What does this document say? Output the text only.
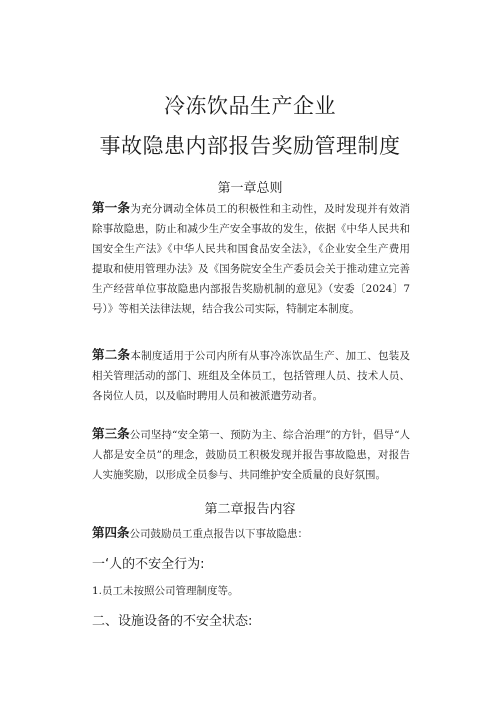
冷冻饮品生产企业
事故隐患内部报告奖励管理制度
第一章总则
第一条为充分调动全体员工的积极性和主动性，及时发现并有效消除事故隐患，防止和减少生产安全事故的发生，依据《中华人民共和国安全生产法》《中华人民共和国食品安全法》，《企业安全生产费用提取和使用管理办法》及《国务院安全生产委员会关于推动建立完善生产经营单位事故隐患内部报告奖励机制的意见》（安委〔2024〕7号）》等相关法律法规，结合我公司实际，特制定本制度。
第二条本制度适用于公司内所有从事冷冻饮品生产、加工、包装及相关管理活动的部门、班组及全体员工，包括管理人员、技术人员、各岗位人员，以及临时聘用人员和被派遣劳动者。
第三条公司坚持“安全第一、预防为主、综合治理”的方针，倡导“人人都是安全员”的理念，鼓励员工积极发现并报告事故隐患，对报告人实施奖励，以形成全员参与、共同维护安全质量的良好氛围。
第二章报告内容
第四条公司鼓励员工重点报告以下事故隐患：
一‘人的不安全行为:
1.员工未按照公司管理制度等。
二、设施设备的不安全状态:
